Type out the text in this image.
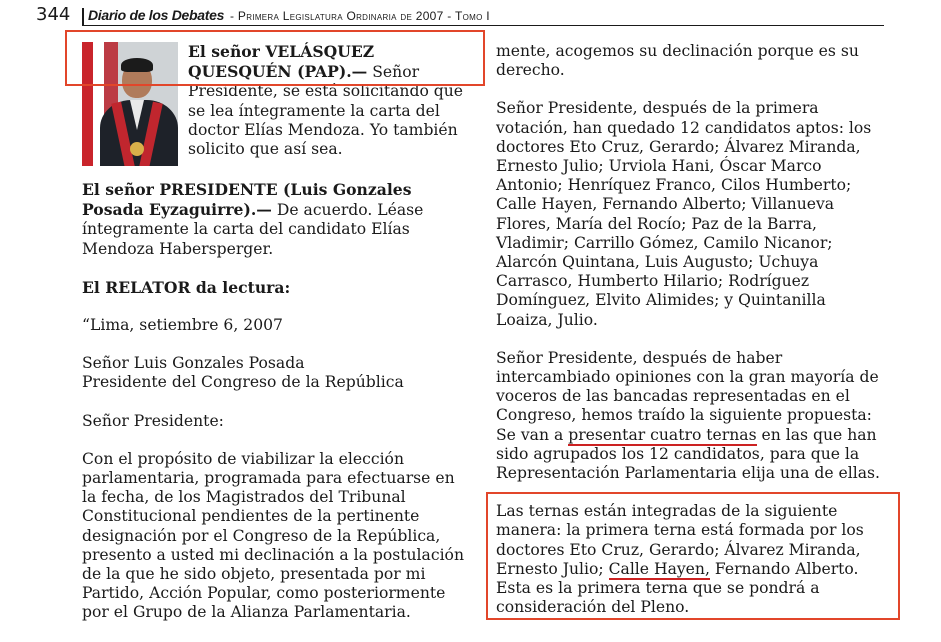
344 Diario de los Debates - Primera Legislatura Ordinaria de 2007 - Tomo I

El señor VELÁSQUEZ QUESQUÉN (PAP).— Señor Presidente, se está solicitando que se lea íntegramente la carta del doctor Elías Mendoza. Yo también solicito que así sea.

El señor PRESIDENTE (Luis Gonzales Posada Eyzaguirre).— De acuerdo. Léase íntegramente la carta del candidato Elías Mendoza Habersperger.

El RELATOR da lectura:

“Lima, setiembre 6, 2007

Señor Luis Gonzales Posada
Presidente del Congreso de la República

Señor Presidente:

Con el propósito de viabilizar la elección parlamentaria, programada para efectuarse en la fecha, de los Magistrados del Tribunal Constitucional pendientes de la pertinente designación por el Congreso de la República, presento a usted mi declinación a la postulación de la que he sido objeto, presentada por mi Partido, Acción Popular, como posteriormente por el Grupo de la Alianza Parlamentaria.

mente, acogemos su declinación porque es su derecho.

Señor Presidente, después de la primera votación, han quedado 12 candidatos aptos: los doctores Eto Cruz, Gerardo; Álvarez Miranda, Ernesto Julio; Urviola Hani, Óscar Marco Antonio; Henríquez Franco, Cilos Humberto; Calle Hayen, Fernando Alberto; Villanueva Flores, María del Rocío; Paz de la Barra, Vladimir; Carrillo Gómez, Camilo Nicanor; Alarcón Quintana, Luis Augusto; Uchuya Carrasco, Humberto Hilario; Rodríguez Domínguez, Elvito Alimides; y Quintanilla Loaiza, Julio.

Señor Presidente, después de haber intercambiado opiniones con la gran mayoría de voceros de las bancadas representadas en el Congreso, hemos traído la siguiente propuesta: Se van a presentar cuatro ternas en las que han sido agrupados los 12 candidatos, para que la Representación Parlamentaria elija una de ellas.

Las ternas están integradas de la siguiente manera: la primera terna está formada por los doctores Eto Cruz, Gerardo; Álvarez Miranda, Ernesto Julio; Calle Hayen, Fernando Alberto. Esta es la primera terna que se pondrá a consideración del Pleno.
